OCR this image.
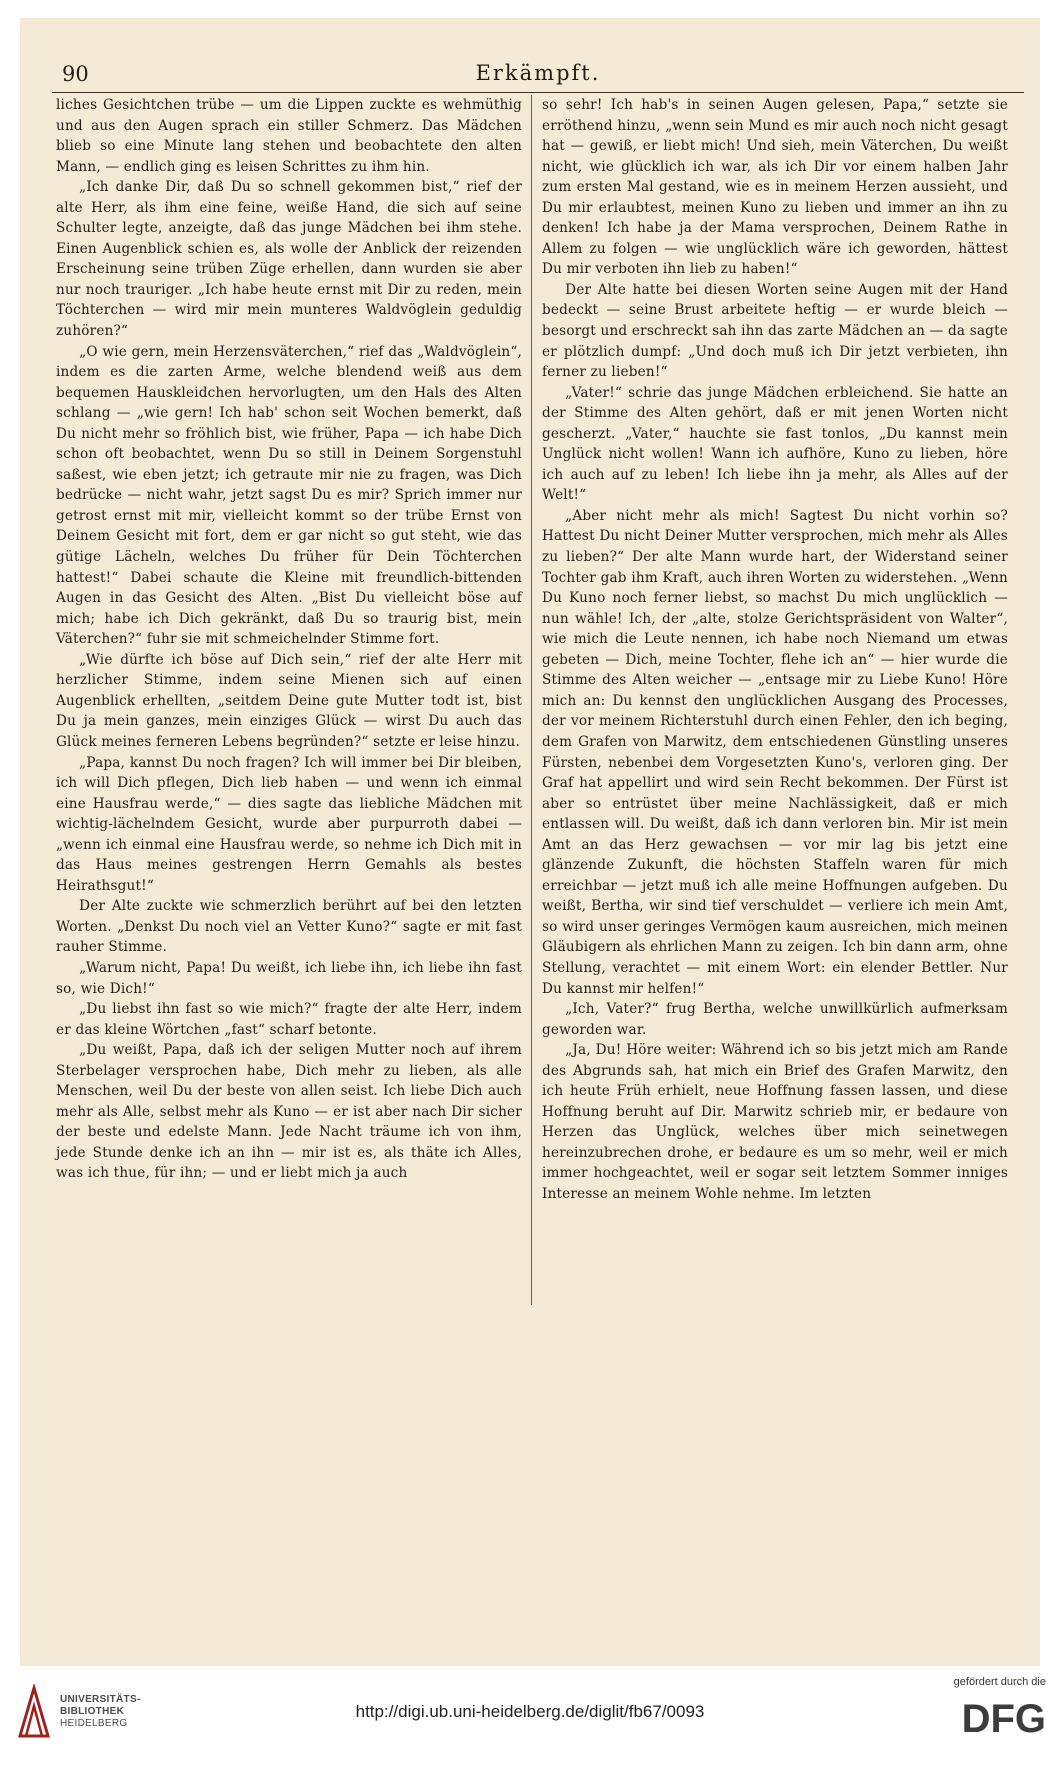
90	Erkämpft.

liches Gesichtchen trübe — um die Lippen zuckte es wehmüthig und aus den Augen sprach ein stiller Schmerz. Das Mädchen blieb so eine Minute lang stehen und beobachtete den alten Mann, — endlich ging es leisen Schrittes zu ihm hin.

„Ich danke Dir, daß Du so schnell gekommen bist,“ rief der alte Herr, als ihm eine feine, weiße Hand, die sich auf seine Schulter legte, anzeigte, daß das junge Mädchen bei ihm stehe. Einen Augenblick schien es, als wolle der Anblick der reizenden Erscheinung seine trüben Züge erhellen, dann wurden sie aber nur noch trauriger. „Ich habe heute ernst mit Dir zu reden, mein Töchterchen — wird mir mein munteres Waldvöglein geduldig zuhören?“

„O wie gern, mein Herzensväterchen,“ rief das „Waldvöglein“, indem es die zarten Arme, welche blendend weiß aus dem bequemen Hauskleidchen hervorlugten, um den Hals des Alten schlang — „wie gern! Ich hab' schon seit Wochen bemerkt, daß Du nicht mehr so fröhlich bist, wie früher, Papa — ich habe Dich schon oft beobachtet, wenn Du so still in Deinem Sorgenstuhl saßest, wie eben jetzt; ich getraute mir nie zu fragen, was Dich bedrücke — nicht wahr, jetzt sagst Du es mir? Sprich immer nur getrost ernst mit mir, vielleicht kommt so der trübe Ernst von Deinem Gesicht mit fort, dem er gar nicht so gut steht, wie das gütige Lächeln, welches Du früher für Dein Töchterchen hattest!“ Dabei schaute die Kleine mit freundlich-bittenden Augen in das Gesicht des Alten. „Bist Du vielleicht böse auf mich; habe ich Dich gekränkt, daß Du so traurig bist, mein Väterchen?“ fuhr sie mit schmeichelnder Stimme fort.

„Wie dürfte ich böse auf Dich sein,“ rief der alte Herr mit herzlicher Stimme, indem seine Mienen sich auf einen Augenblick erhellten, „seitdem Deine gute Mutter todt ist, bist Du ja mein ganzes, mein einziges Glück — wirst Du auch das Glück meines ferneren Lebens begründen?“ setzte er leise hinzu.

„Papa, kannst Du noch fragen? Ich will immer bei Dir bleiben, ich will Dich pflegen, Dich lieb haben — und wenn ich einmal eine Hausfrau werde,“ — dies sagte das liebliche Mädchen mit wichtig-lächelndem Gesicht, wurde aber purpurroth dabei — „wenn ich einmal eine Hausfrau werde, so nehme ich Dich mit in das Haus meines gestrengen Herrn Gemahls als bestes Heirathsgut!“

Der Alte zuckte wie schmerzlich berührt auf bei den letzten Worten. „Denkst Du noch viel an Vetter Kuno?“ sagte er mit fast rauher Stimme.

„Warum nicht, Papa! Du weißt, ich liebe ihn, ich liebe ihn fast so, wie Dich!“

„Du liebst ihn fast so wie mich?“ fragte der alte Herr, indem er das kleine Wörtchen „fast“ scharf betonte.

„Du weißt, Papa, daß ich der seligen Mutter noch auf ihrem Sterbelager versprochen habe, Dich mehr zu lieben, als alle Menschen, weil Du der beste von allen seist. Ich liebe Dich auch mehr als Alle, selbst mehr als Kuno — er ist aber nach Dir sicher der beste und edelste Mann. Jede Nacht träume ich von ihm, jede Stunde denke ich an ihn — mir ist es, als thäte ich Alles, was ich thue, für ihn; — und er liebt mich ja auch

so sehr! Ich hab's in seinen Augen gelesen, Papa,“ setzte sie erröthend hinzu, „wenn sein Mund es mir auch noch nicht gesagt hat — gewiß, er liebt mich! Und sieh, mein Väterchen, Du weißt nicht, wie glücklich ich war, als ich Dir vor einem halben Jahr zum ersten Mal gestand, wie es in meinem Herzen aussieht, und Du mir erlaubtest, meinen Kuno zu lieben und immer an ihn zu denken! Ich habe ja der Mama versprochen, Deinem Rathe in Allem zu folgen — wie unglücklich wäre ich geworden, hättest Du mir verboten ihn lieb zu haben!“

Der Alte hatte bei diesen Worten seine Augen mit der Hand bedeckt — seine Brust arbeitete heftig — er wurde bleich — besorgt und erschreckt sah ihn das zarte Mädchen an — da sagte er plötzlich dumpf: „Und doch muß ich Dir jetzt verbieten, ihn ferner zu lieben!“

„Vater!“ schrie das junge Mädchen erbleichend. Sie hatte an der Stimme des Alten gehört, daß er mit jenen Worten nicht gescherzt. „Vater,“ hauchte sie fast tonlos, „Du kannst mein Unglück nicht wollen! Wann ich aufhöre, Kuno zu lieben, höre ich auch auf zu leben! Ich liebe ihn ja mehr, als Alles auf der Welt!“

„Aber nicht mehr als mich! Sagtest Du nicht vorhin so? Hattest Du nicht Deiner Mutter versprochen, mich mehr als Alles zu lieben?“ Der alte Mann wurde hart, der Widerstand seiner Tochter gab ihm Kraft, auch ihren Worten zu widerstehen. „Wenn Du Kuno noch ferner liebst, so machst Du mich unglücklich — nun wähle! Ich, der „alte, stolze Gerichtspräsident von Walter“, wie mich die Leute nennen, ich habe noch Niemand um etwas gebeten — Dich, meine Tochter, flehe ich an“ — hier wurde die Stimme des Alten weicher — „entsage mir zu Liebe Kuno! Höre mich an: Du kennst den unglücklichen Ausgang des Processes, der vor meinem Richterstuhl durch einen Fehler, den ich beging, dem Grafen von Marwitz, dem entschiedenen Günstling unseres Fürsten, nebenbei dem Vorgesetzten Kuno's, verloren ging. Der Graf hat appellirt und wird sein Recht bekommen. Der Fürst ist aber so entrüstet über meine Nachlässigkeit, daß er mich entlassen will. Du weißt, daß ich dann verloren bin. Mir ist mein Amt an das Herz gewachsen — vor mir lag bis jetzt eine glänzende Zukunft, die höchsten Staffeln waren für mich erreichbar — jetzt muß ich alle meine Hoffnungen aufgeben. Du weißt, Bertha, wir sind tief verschuldet — verliere ich mein Amt, so wird unser geringes Vermögen kaum ausreichen, mich meinen Gläubigern als ehrlichen Mann zu zeigen. Ich bin dann arm, ohne Stellung, verachtet — mit einem Wort: ein elender Bettler. Nur Du kannst mir helfen!“

„Ich, Vater?“ frug Bertha, welche unwillkürlich aufmerksam geworden war.

„Ja, Du! Höre weiter: Während ich so bis jetzt mich am Rande des Abgrunds sah, hat mich ein Brief des Grafen Marwitz, den ich heute Früh erhielt, neue Hoffnung fassen lassen, und diese Hoffnung beruht auf Dir. Marwitz schrieb mir, er bedaure von Herzen das Unglück, welches über mich seinetwegen hereinzubrechen drohe, er bedaure es um so mehr, weil er mich immer hochgeachtet, weil er sogar seit letztem Sommer inniges Interesse an meinem Wohle nehme. Im letzten

UNIVERSITÄTS-
BIBLIOTHEK
HEIDELBERG
http://digi.ub.uni-heidelberg.de/diglit/fb67/0093
gefördert durch die
DFG
